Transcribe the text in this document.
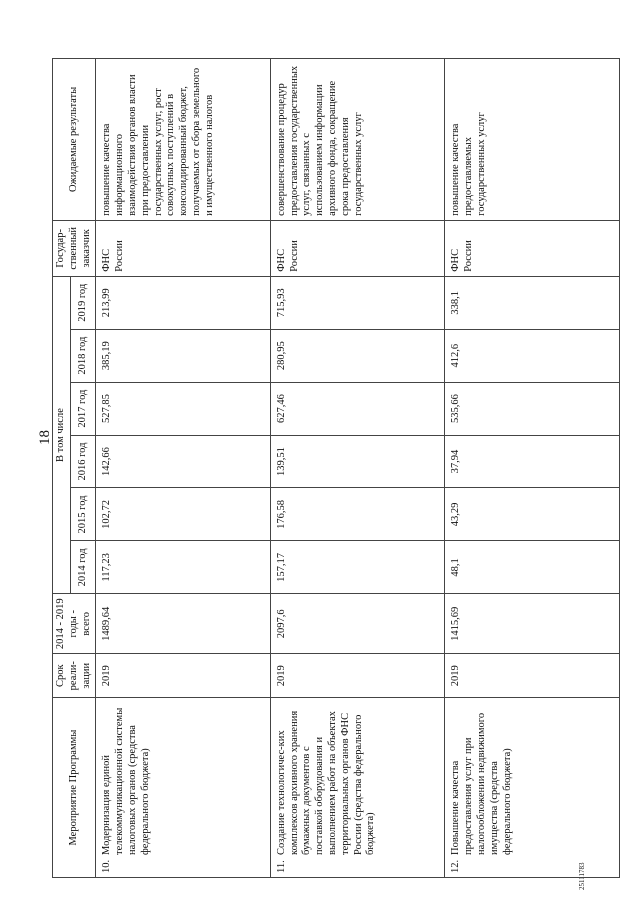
18
25111783
Мероприятие Программы	Срок реали-зации	2014 - 2019 годы - всего	В том числе						Государ-ственный заказчик	Ожидаемые результаты
			2014 год	2015 год	2016 год	2017 год	2018 год	2019 год		

10.
Модернизация единой телекоммуникационной системы налоговых органов (средства федерального бюджета)	2019	1489,64	117,23	102,72	142,66	527,85	385,19	213,99	ФНС России	повышение качества информационного взаимодействия органов власти при предоставлении государственных услуг, рост совокупных поступлений в консолидированный бюджет, получаемых от сбора земельного и имущественного налогов

11.
Создание технологичес-ких комплексов архивного хранения бумажных документов с поставкой оборудования и выполнением работ на объектах территориальных органов ФНС России (средства федерального бюджета)	2019	2097,6	157,17	176,58	139,51	627,46	280,95	715,93	ФНС России	совершенствование процедур предоставления государственных услуг, связанных с использованием информации архивного фонда, сокращение срока предоставления государственных услуг

12.
Повышение качества предоставления услуг при налогообложении недвижимого имущества (средства федерального бюджета)	2019	1415,69	48,1	43,29	37,94	535,66	412,6	338,1	ФНС России	повышение качества предоставляемых государственных услуг
